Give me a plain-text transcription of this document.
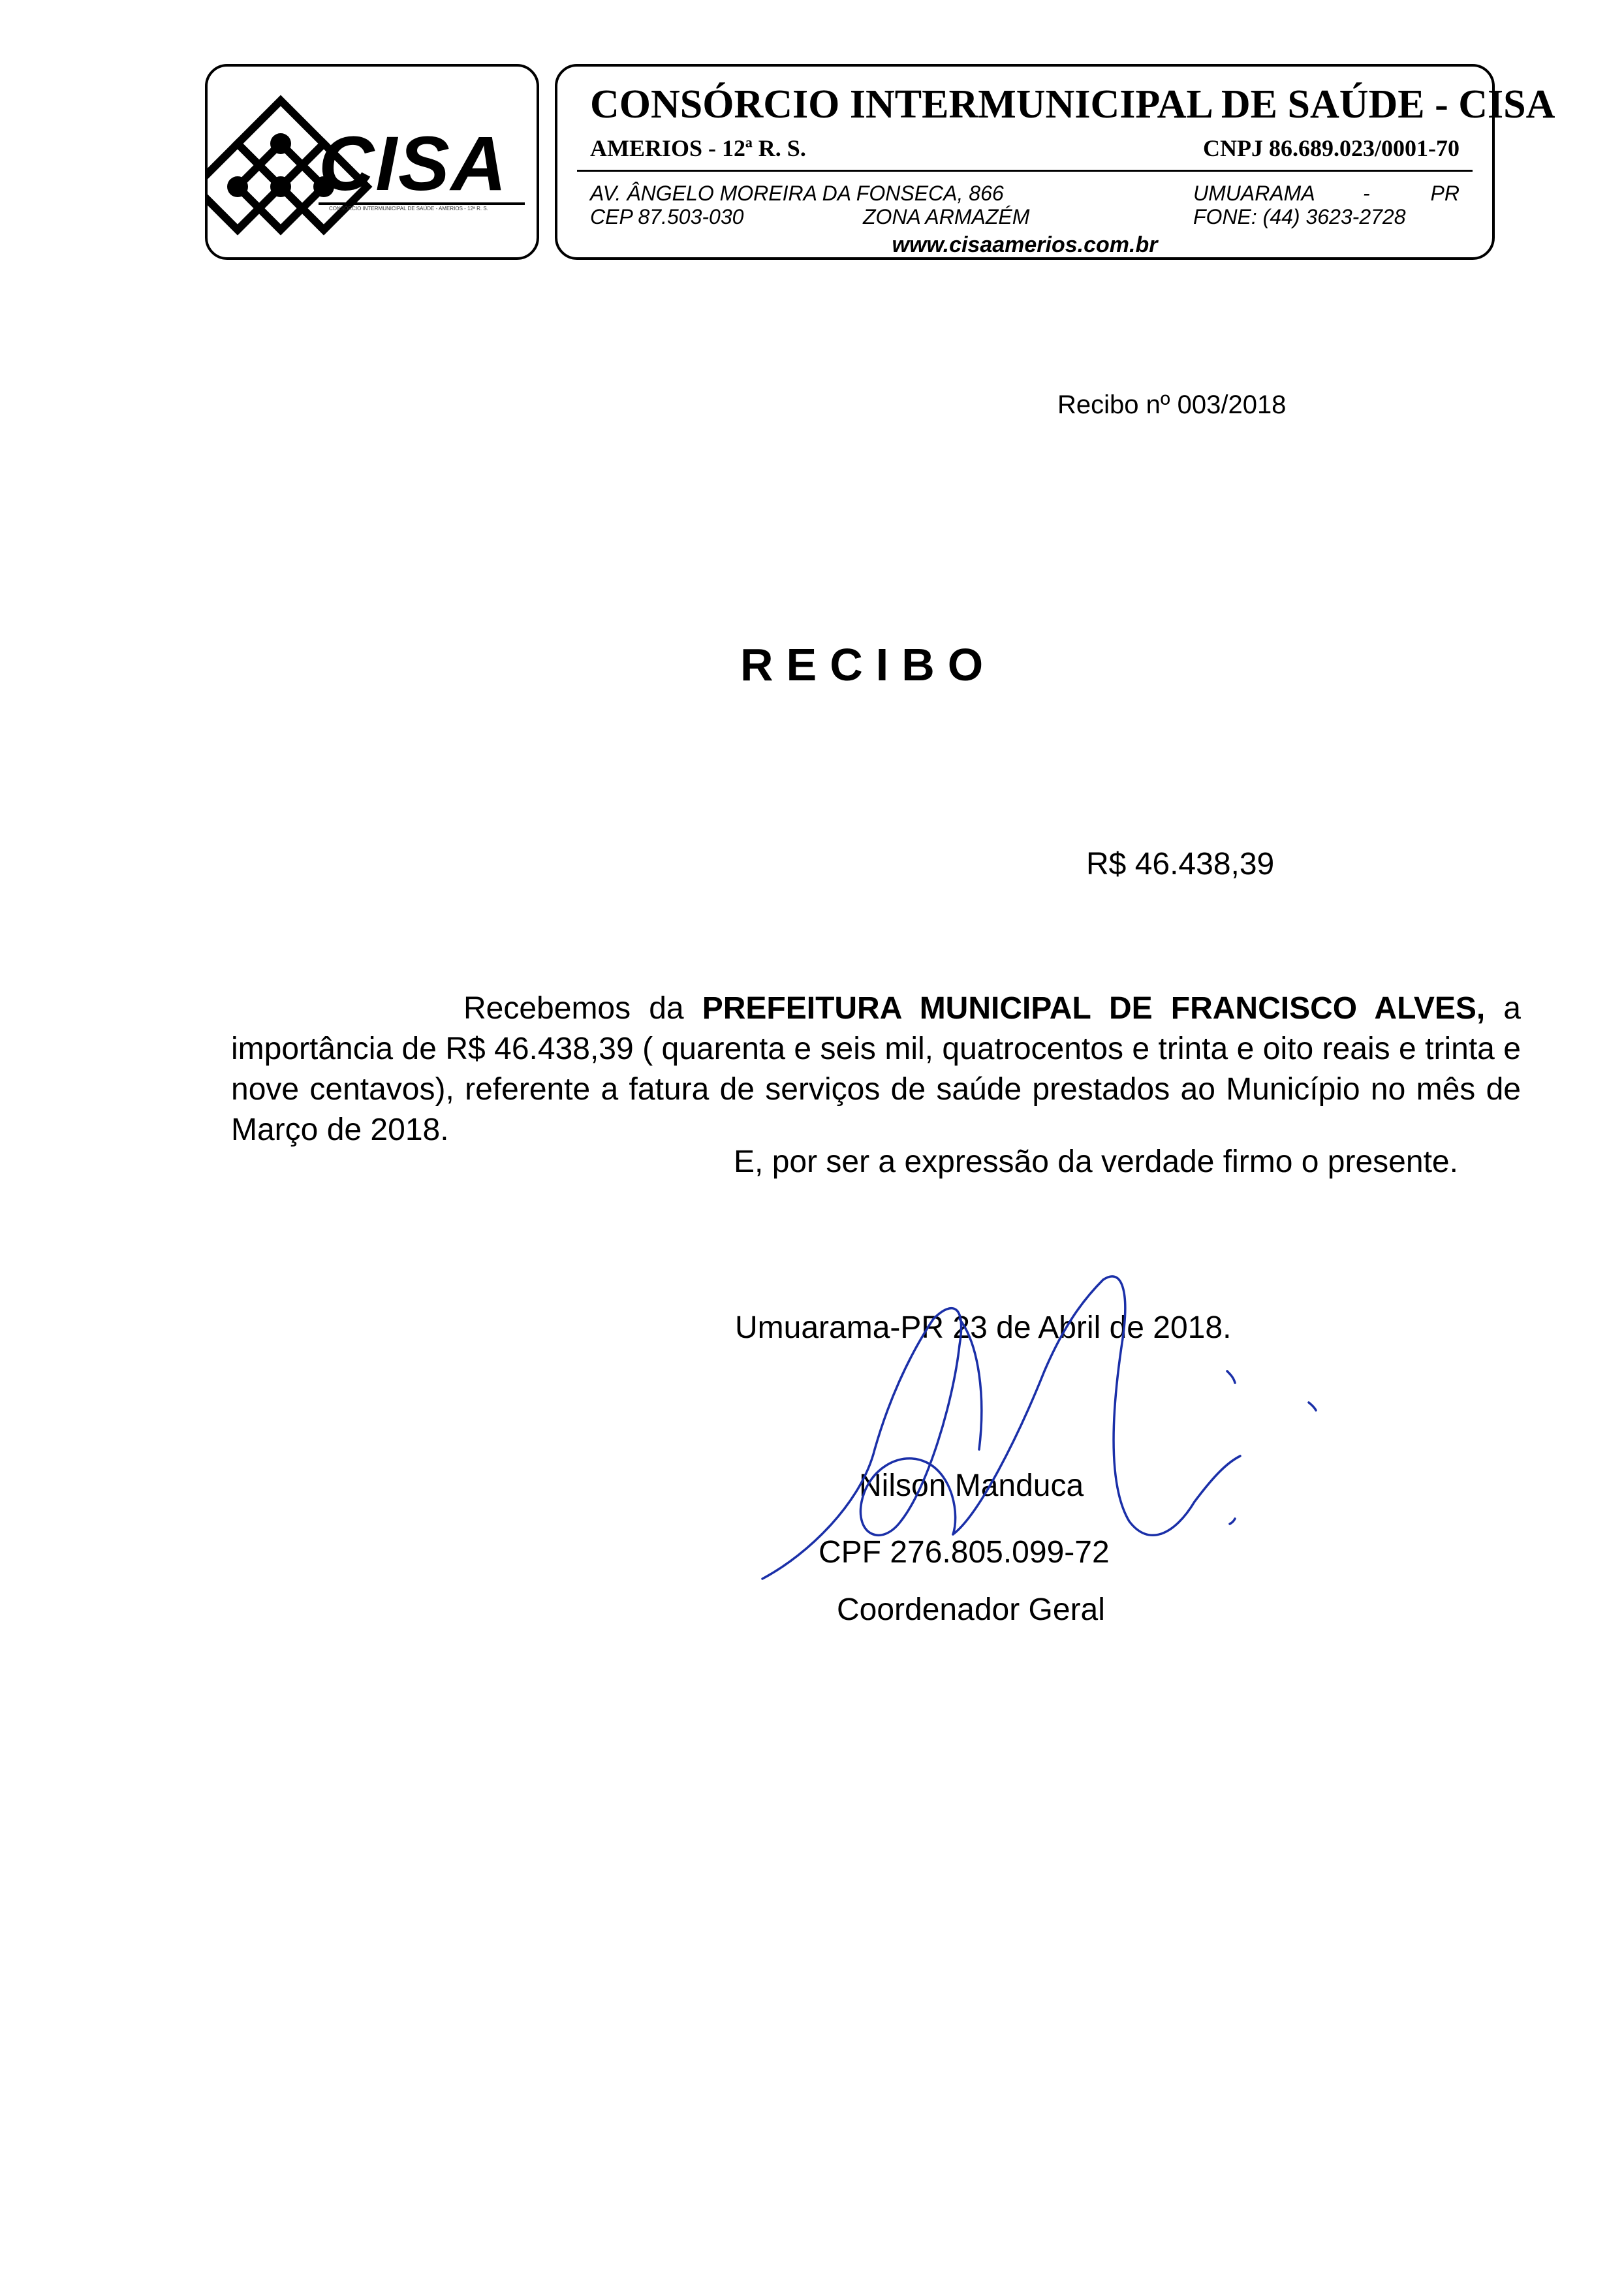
CISA
CONSÓRCIO INTERMUNICIPAL DE SAÚDE - AMERIOS - 12ª R. S.
CONSÓRCIO INTERMUNICIPAL DE SAÚDE - CISA
AMERIOS - 12ª R. S.	CNPJ 86.689.023/0001-70
AV. ÂNGELO MOREIRA DA FONSECA, 866
CEP 87.503-030	ZONA ARMAZÉM
UMUARAMA -	PR
FONE: (44) 3623-2728
www.cisaamerios.com.br
Recibo nº 003/2018
RECIBO
R$ 46.438,39
Recebemos da PREFEITURA MUNICIPAL DE FRANCISCO ALVES, a importância de R$ 46.438,39 ( quarenta e seis mil, quatrocentos e trinta e oito reais e trinta e nove centavos), referente a fatura de serviços de saúde prestados ao Município no mês de Março de 2018.
E, por ser a expressão da verdade firmo o presente.
Umuarama-PR 23 de Abril de 2018.
Nilson Manduca
CPF 276.805.099-72
Coordenador Geral
